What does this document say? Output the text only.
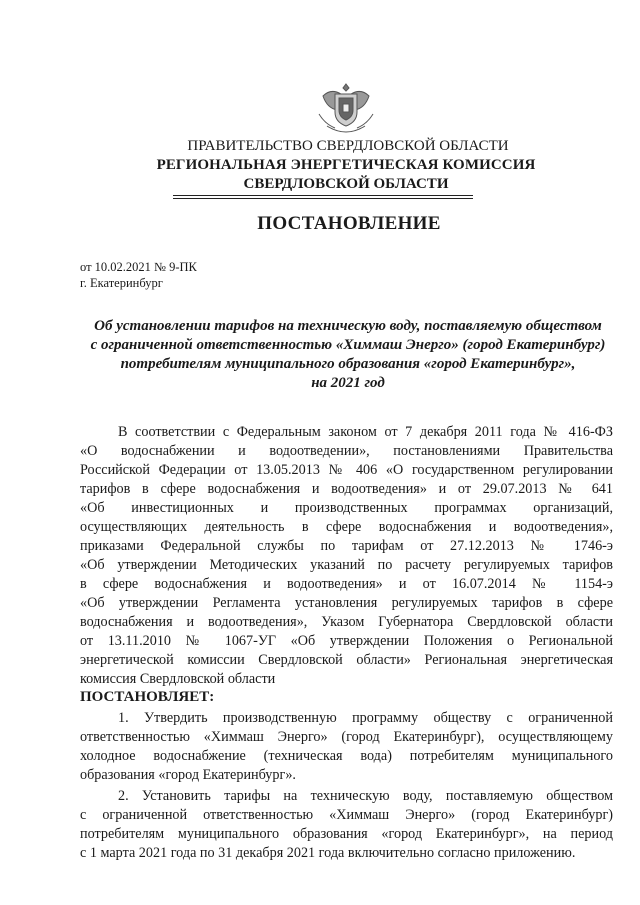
ПРАВИТЕЛЬСТВО СВЕРДЛОВСКОЙ ОБЛАСТИ
РЕГИОНАЛЬНАЯ ЭНЕРГЕТИЧЕСКАЯ КОМИССИЯ
СВЕРДЛОВСКОЙ ОБЛАСТИ
ПОСТАНОВЛЕНИЕ
от 10.02.2021 № 9-ПК
г. Екатеринбург
Об установлении тарифов на техническую воду, поставляемую обществом
с ограниченной ответственностью «Химмаш Энерго» (город Екатеринбург)
потребителям муниципального образования «город Екатеринбург»,
на 2021 год
В соответствии с Федеральным законом от 7 декабря 2011 года № 416-ФЗ
«О водоснабжении и водоотведении», постановлениями Правительства
Российской Федерации от 13.05.2013 № 406 «О государственном регулировании
тарифов в сфере водоснабжения и водоотведения» и от 29.07.2013 № 641
«Об инвестиционных и производственных программах организаций,
осуществляющих деятельность в сфере водоснабжения и водоотведения»,
приказами Федеральной службы по тарифам от 27.12.2013 № 1746-э
«Об утверждении Методических указаний по расчету регулируемых тарифов
в сфере водоснабжения и водоотведения» и от 16.07.2014 № 1154-э
«Об утверждении Регламента установления регулируемых тарифов в сфере
водоснабжения и водоотведения», Указом Губернатора Свердловской области
от 13.11.2010 № 1067-УГ «Об утверждении Положения о Региональной
энергетической комиссии Свердловской области» Региональная энергетическая
комиссия Свердловской области
ПОСТАНОВЛЯЕТ:
1. Утвердить производственную программу обществу с ограниченной
ответственностью «Химмаш Энерго» (город Екатеринбург), осуществляющему
холодное водоснабжение (техническая вода) потребителям муниципального
образования «город Екатеринбург».
2. Установить тарифы на техническую воду, поставляемую обществом
с ограниченной ответственностью «Химмаш Энерго» (город Екатеринбург)
потребителям муниципального образования «город Екатеринбург», на период
с 1 марта 2021 года по 31 декабря 2021 года включительно согласно приложению.
